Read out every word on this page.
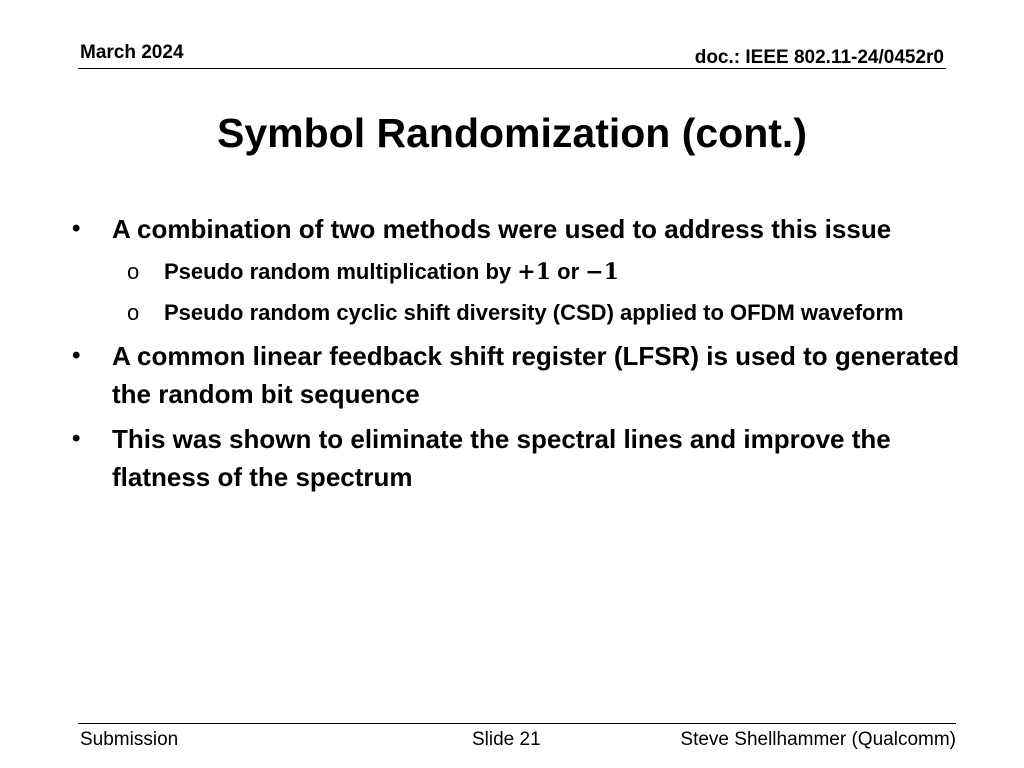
March 2024	doc.: IEEE 802.11-24/0452r0
Symbol Randomization (cont.)
• A combination of two methods were used to address this issue
o Pseudo random multiplication by +1 or −1
o Pseudo random cyclic shift diversity (CSD) applied to OFDM waveform
• A common linear feedback shift register (LFSR) is used to generated the random bit sequence
• This was shown to eliminate the spectral lines and improve the flatness of the spectrum
Submission	Slide 21	Steve Shellhammer (Qualcomm)
